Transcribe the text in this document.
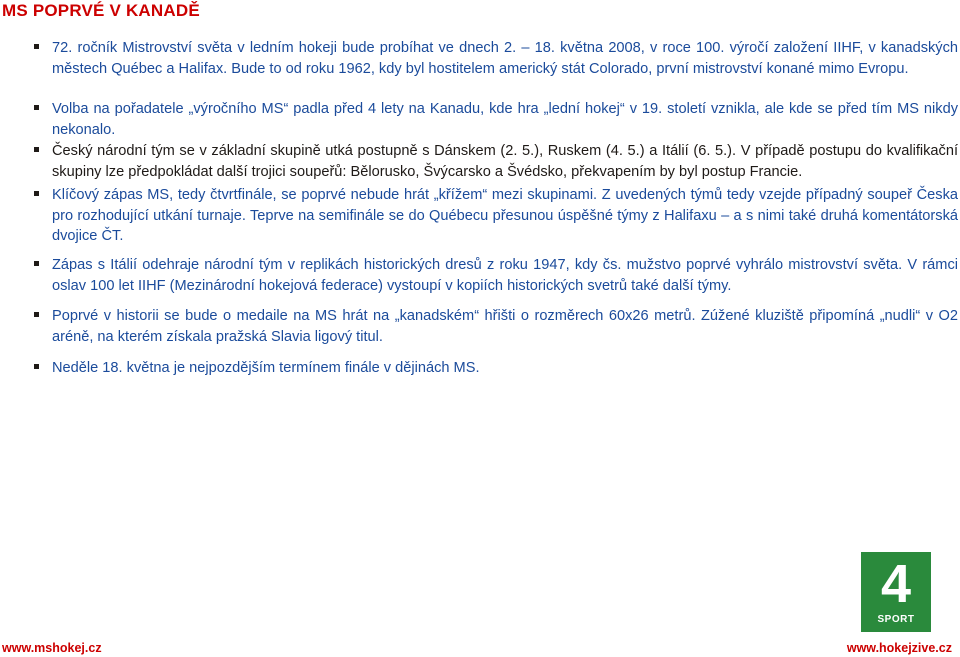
MS POPRVÉ V KANADĚ
72. ročník Mistrovství světa v ledním hokeji bude probíhat ve dnech 2. – 18. května 2008, v roce 100. výročí založení IIHF, v kanadských městech Québec a Halifax. Bude to od roku 1962, kdy byl hostitelem americký stát Colorado, první mistrovství konané mimo Evropu.
Volba na pořadatele „výročního MS“ padla před 4 lety na Kanadu, kde hra „lední hokej“ v 19. století vznikla, ale kde se před tím MS nikdy nekonalo.
Český národní tým se v základní skupině utká postupně s Dánskem (2. 5.), Ruskem (4. 5.) a Itálií (6. 5.). V případě postupu do kvalifikační skupiny lze předpokládat další trojici soupeřů: Bělorusko, Švýcarsko a Švédsko, překvapením by byl postup Francie.
Klíčový zápas MS, tedy čtvrtfinále, se poprvé nebude hrát „křížem“ mezi skupinami. Z uvedených týmů tedy vzejde případný soupeř Česka pro rozhodující utkání turnaje. Teprve na semifinále se do Québecu přesunou úspěšné týmy z Halifaxu – a s nimi také druhá komentátorská dvojice ČT.
Zápas s Itálií odehraje národní tým v replikách historických dresů z roku 1947, kdy čs. mužstvo poprvé vyhrálo mistrovství světa. V rámci oslav 100 let IIHF (Mezinárodní hokejová federace) vystoupí v kopiích historických svetrů také další týmy.
Poprvé v historii se bude o medaile na MS hrát na „kanadském“ hřišti o rozměrech 60x26 metrů. Zúžené kluziště připomíná „nudli“ v O2 aréně, na kterém získala pražská Slavia ligový titul.
Neděle 18. května je nejpozdějším termínem finále v dějinách MS.
4
SPORT
www.mshokej.cz	www.hokejzive.cz
